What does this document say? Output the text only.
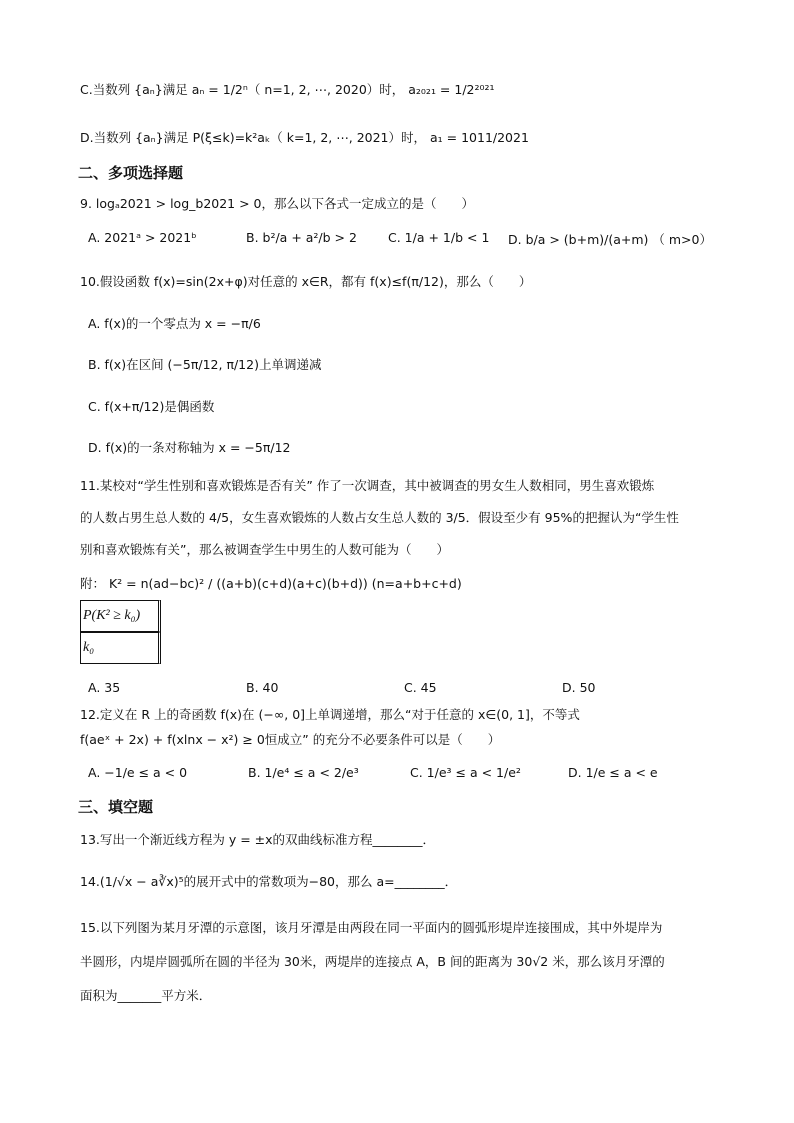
C.当数列 {aₙ}满足 aₙ = 1/2ⁿ（ n=1, 2, ⋯, 2020）时， a₂₀₂₁ = 1/2²⁰²¹
D.当数列 {aₙ}满足 P(ξ≤k)=k²aₖ（ k=1, 2, ⋯, 2021）时， a₁ = 1011/2021
二、多项选择题
9. logₐ2021 > log_b2021 > 0，那么以下各式一定成立的是（　　）
A. 2021ᵃ > 2021ᵇ	B. b²/a + a²/b > 2 C. 1/a + 1/b < 1 D. b/a > (b+m)/(a+m) （ m>0）
10.假设函数 f(x)=sin(2x+φ)对任意的 x∈R，都有 f(x)≤f(π/12)，那么（　　）
A. f(x)的一个零点为 x = −π/6
B. f(x)在区间 (−5π/12, π/12)上单调递减
C. f(x+π/12)是偶函数
D. f(x)的一条对称轴为 x = −5π/12
11.某校对“学生性别和喜欢锻炼是否有关” 作了一次调查，其中被调查的男女生人数相同，男生喜欢锻炼
的人数占男生总人数的 4/5，女生喜欢锻炼的人数占女生总人数的 3/5．假设至少有 95%的把握认为“学生性
别和喜欢锻炼有关”，那么被调查学生中男生的人数可能为（　　）
附： K² = n(ad−bc)² / ((a+b)(c+d)(a+c)(b+d)) (n=a+b+c+d)
P(K² ≥ k₀)
k₀
A. 35	B. 40	C. 45	D. 50
12.定义在 R 上的奇函数 f(x)在 (−∞, 0]上单调递增，那么“对于任意的 x∈(0, 1]，不等式
f(aeˣ + 2x) + f(xlnx − x²) ≥ 0恒成立” 的充分不必要条件可以是（　　）
A. −1/e ≤ a < 0	B. 1/e⁴ ≤ a < 2/e³	C. 1/e³ ≤ a < 1/e²	D. 1/e ≤ a < e
三、填空题
13.写出一个渐近线方程为 y = ±x的双曲线标准方程________．
14.(1/√x − a∛x)⁵的展开式中的常数项为−80，那么 a=________．
15.以下列图为某月牙潭的示意图，该月牙潭是由两段在同一平面内的圆弧形堤岸连接围成，其中外堤岸为
半圆形，内堤岸圆弧所在圆的半径为 30米，两堤岸的连接点 A，B 间的距离为 30√2 米，那么该月牙潭的
面积为_______平方米．
